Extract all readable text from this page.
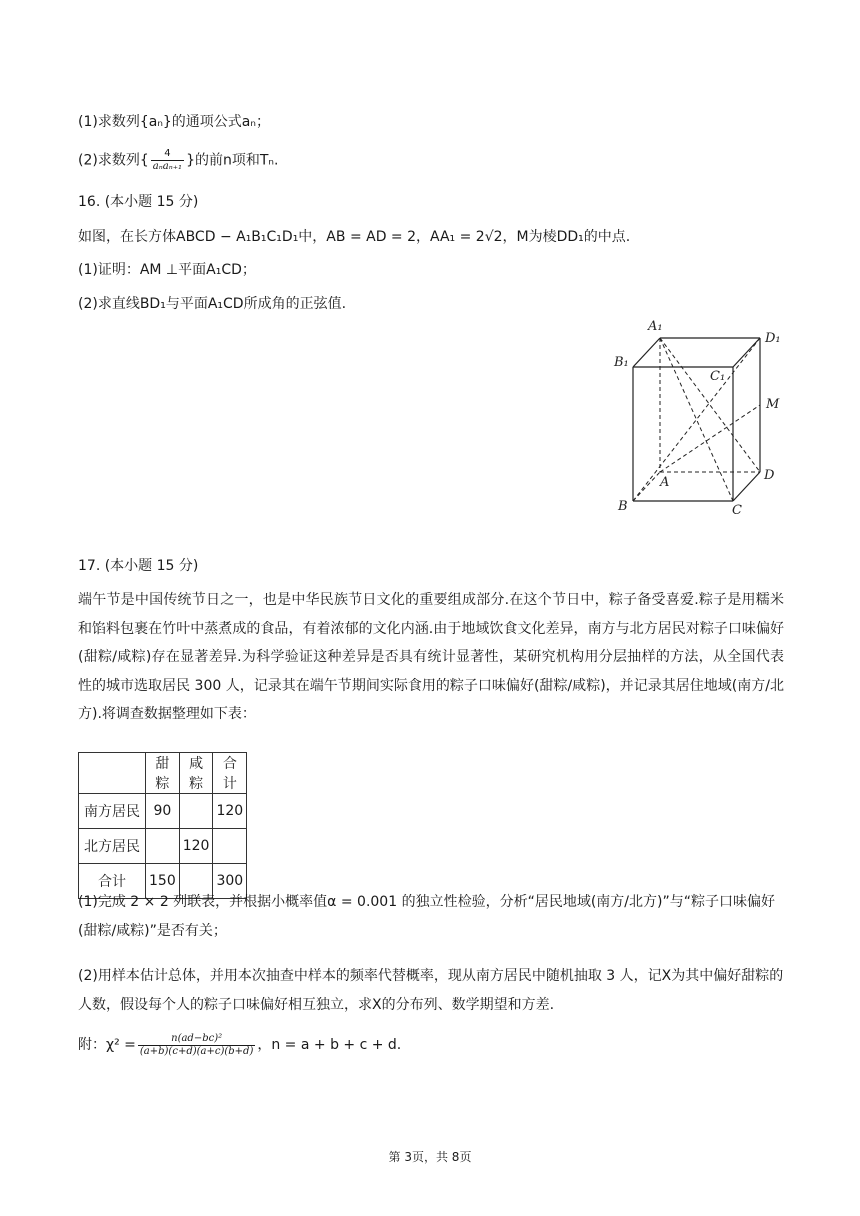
(1)求数列{aₙ}的通项公式aₙ；
(2)求数列{ $\frac{4}{\text{aₙaₙ₊₁}}$ }的前n项和Tₙ.
16. (本小题 15 分)
如图，在长方体ABCD − A₁B₁C₁D₁中，AB = AD = 2，AA₁ = 2√2，M为棱DD₁的中点.
(1)证明：AM ⊥平面A₁CD；
(2)求直线BD₁与平面A₁CD所成角的正弦值.
A₁
D₁
B₁
C₁
M
D
A
B	C
17. (本小题 15 分)
端午节是中国传统节日之一，也是中华民族节日文化的重要组成部分.在这个节日中，粽子备受喜爱.粽子是用糯米和馅料包裹在竹叶中蒸煮成的食品，有着浓郁的文化内涵.由于地域饮食文化差异，南方与北方居民对粽子口味偏好(甜粽/咸粽)存在显著差异.为科学验证这种差异是否具有统计显著性，某研究机构用分层抽样的方法，从全国代表性的城市选取居民 300 人，记录其在端午节期间实际食用的粽子口味偏好(甜粽/咸粽)，并记录其居住地域(南方/北方).将调查数据整理如下表：
	甜粽	咸粽	合计
南方居民	90		120
北方居民		120	
合计	150		300
(1)完成 2 × 2 列联表，并根据小概率值α = 0.001 的独立性检验，分析“居民地域(南方/北方)”与“粽子口味偏好(甜粽/咸粽)”是否有关；
(2)用样本估计总体，并用本次抽查中样本的频率代替概率，现从南方居民中随机抽取 3 人，记X为其中偏好甜粽的人数，假设每个人的粽子口味偏好相互独立，求X的分布列、数学期望和方差.
附：$\chi^2 = \frac{\text{n(ad−bc)²}}{(a+b)(c+d)(a+c)(b+d)}$ ，n = a + b + c + d.
第 3页，共 8页
